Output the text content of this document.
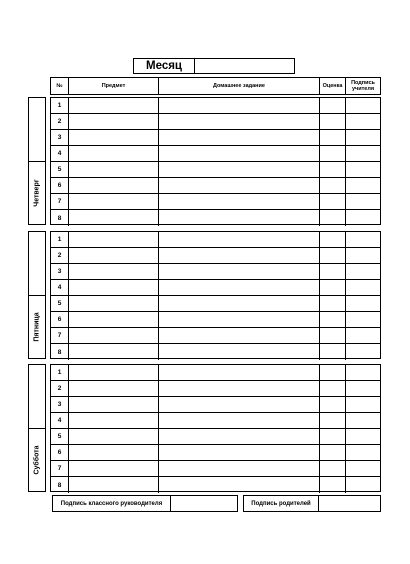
Месяц
№	Предмет	Домашнее задание	Оценка	Подпись учителя
Четверг
1
2
3
4
5
6
7
8
Пятница
1
2
3
4
5
6
7
8
Суббота
1
2
3
4
5
6
7
8
Подпись классного руководителя	Подпись родителей
